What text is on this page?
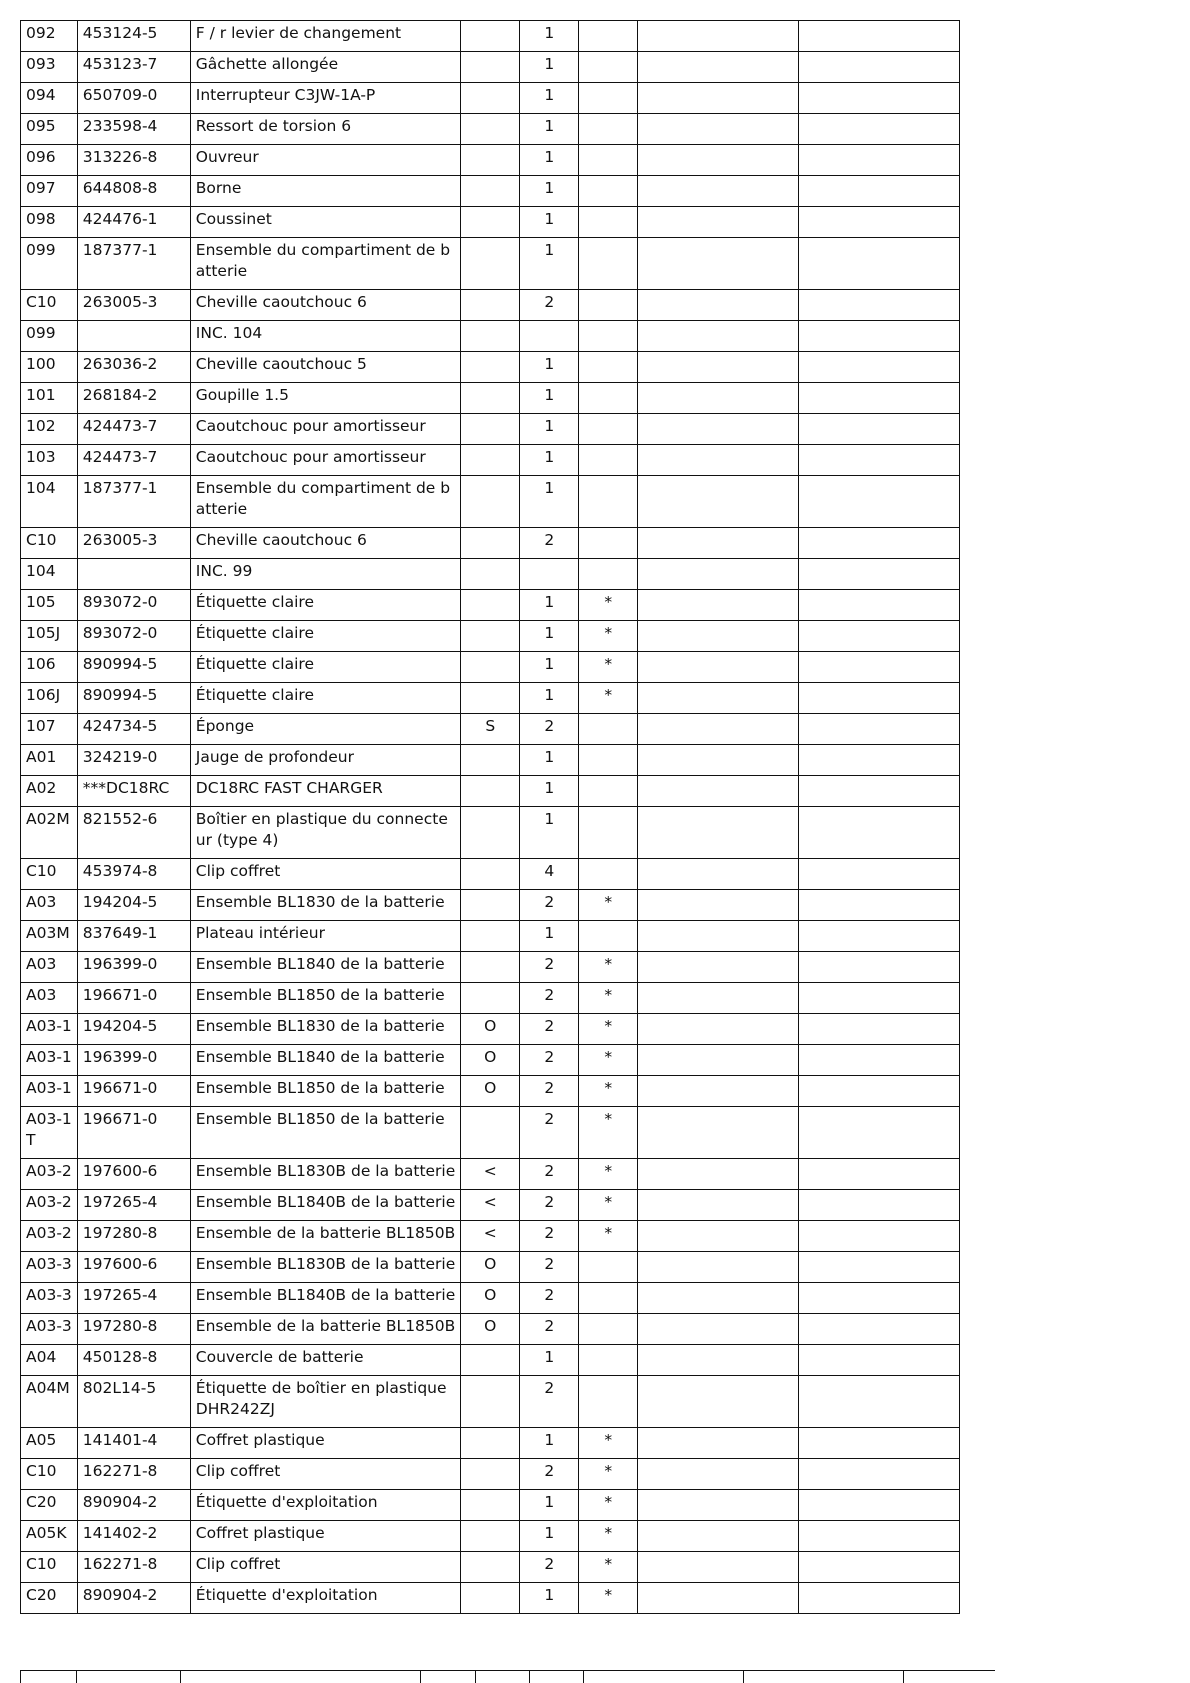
092	453124-5	F / r levier de changement		1			
093	453123-7	Gâchette allongée		1			
094	650709-0	Interrupteur C3JW-1A-P		1			
095	233598-4	Ressort de torsion 6		1			
096	313226-8	Ouvreur		1			
097	644808-8	Borne		1			
098	424476-1	Coussinet		1			
099	187377-1	Ensemble du compartiment de batterie		1			
C10	263005-3	Cheville caoutchouc 6		2			
099		INC. 104					
100	263036-2	Cheville caoutchouc 5		1			
101	268184-2	Goupille 1.5		1			
102	424473-7	Caoutchouc pour amortisseur		1			
103	424473-7	Caoutchouc pour amortisseur		1			
104	187377-1	Ensemble du compartiment de batterie		1			
C10	263005-3	Cheville caoutchouc 6		2			
104		INC. 99					
105	893072-0	Étiquette claire		1	*		
105J	893072-0	Étiquette claire		1	*		
106	890994-5	Étiquette claire		1	*		
106J	890994-5	Étiquette claire		1	*		
107	424734-5	Éponge	S	2			
A01	324219-0	Jauge de profondeur		1			
A02	***DC18RC	DC18RC FAST CHARGER		1			
A02M	821552-6	Boîtier en plastique du connecteur (type 4)		1			
C10	453974-8	Clip coffret		4			
A03	194204-5	Ensemble BL1830 de la batterie		2	*		
A03M	837649-1	Plateau intérieur		1			
A03	196399-0	Ensemble BL1840 de la batterie		2	*		
A03	196671-0	Ensemble BL1850 de la batterie		2	*		
A03-1	194204-5	Ensemble BL1830 de la batterie	O	2	*		
A03-1	196399-0	Ensemble BL1840 de la batterie	O	2	*		
A03-1	196671-0	Ensemble BL1850 de la batterie	O	2	*		
A03-1T	196671-0	Ensemble BL1850 de la batterie		2	*		
A03-2	197600-6	Ensemble BL1830B de la batterie	<	2	*		
A03-2	197265-4	Ensemble BL1840B de la batterie	<	2	*		
A03-2	197280-8	Ensemble de la batterie BL1850B	<	2	*		
A03-3	197600-6	Ensemble BL1830B de la batterie	O	2			
A03-3	197265-4	Ensemble BL1840B de la batterie	O	2			
A03-3	197280-8	Ensemble de la batterie BL1850B	O	2			
A04	450128-8	Couvercle de batterie		1			
A04M	802L14-5	Étiquette de boîtier en plastique DHR242ZJ		2			
A05	141401-4	Coffret plastique		1	*		
C10	162271-8	Clip coffret		2	*		
C20	890904-2	Étiquette d'exploitation		1	*		
A05K	141402-2	Coffret plastique		1	*		
C10	162271-8	Clip coffret		2	*		
C20	890904-2	Étiquette d'exploitation		1	*		
